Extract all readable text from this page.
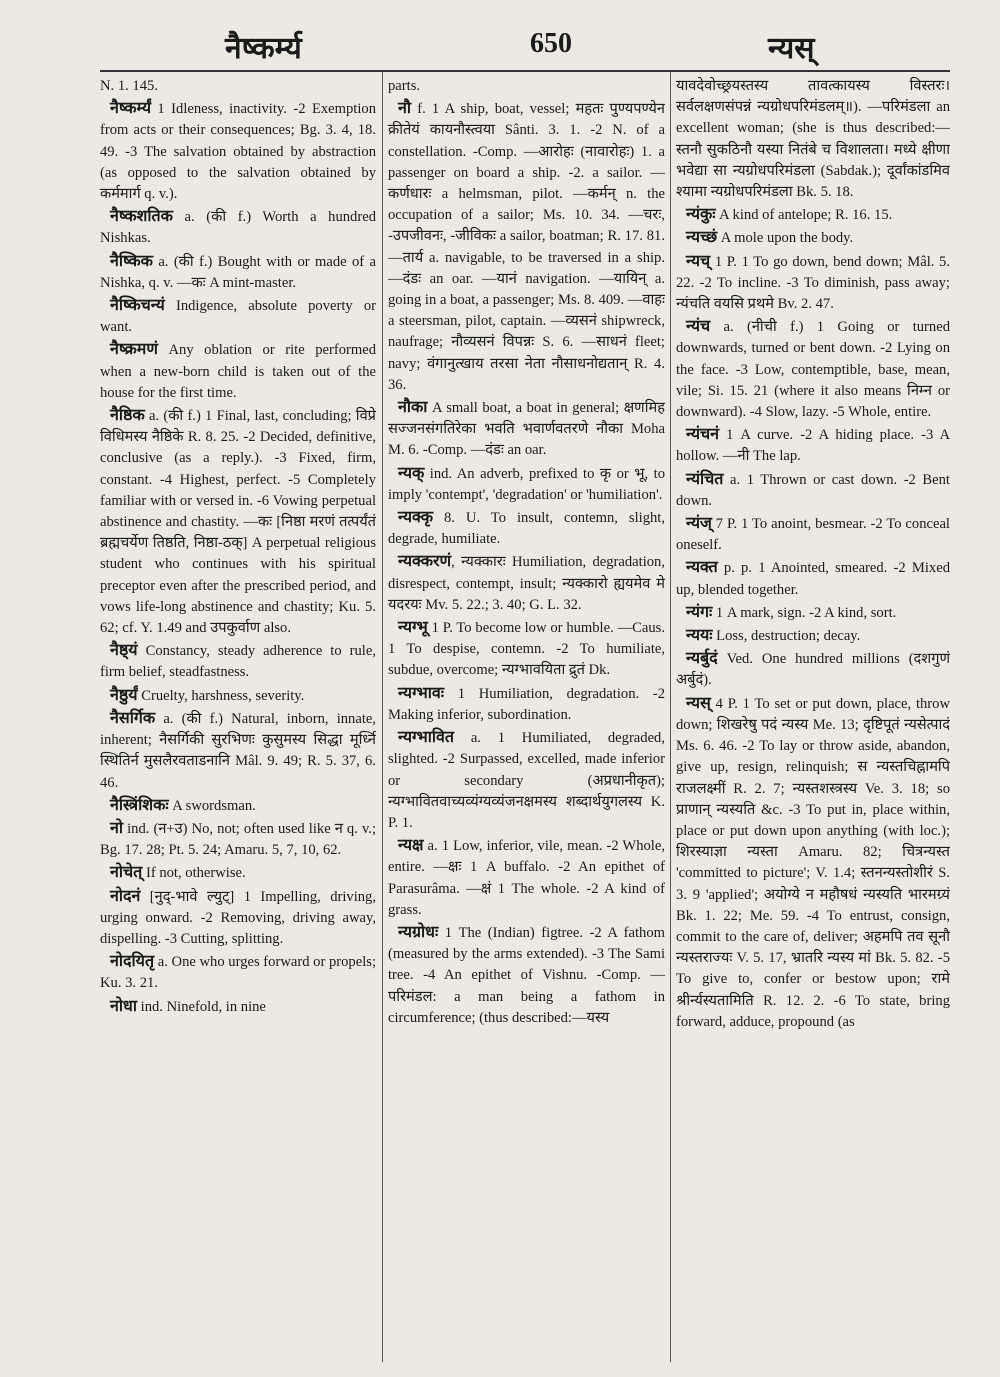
नैष्कर्म्य	650	न्यस्

N. 1. 145.

नैष्कर्म्यं 1 Idleness, inactivity. -2 Exemption from acts or their consequences; Bg. 3. 4, 18. 49. -3 The salvation obtained by abstraction (as opposed to the salvation obtained by कर्ममार्ग q. v.).

नैष्कशतिक a. (की f.) Worth a hundred Nishkas.

नैष्किक a. (की f.) Bought with or made of a Nishka, q. v. —कः A mint-master.

नैष्किचन्यं Indigence, absolute poverty or want.

नैष्क्रमणं Any oblation or rite performed when a new-born child is taken out of the house for the first time.

नैष्ठिक a. (की f.) 1 Final, last, concluding; विप्रे विधिमस्य नैष्ठिके R. 8. 25. -2 Decided, definitive, conclusive (as a reply.). -3 Fixed, firm, constant. -4 Highest, perfect. -5 Completely familiar with or versed in. -6 Vowing perpetual abstinence and chastity. —कः [निष्ठा मरणं तत्पर्यंतं ब्रह्मचर्येण तिष्ठति, निष्ठा-ठक्] A perpetual religious student who continues with his spiritual preceptor even after the prescribed period, and vows life-long abstinence and chastity; Ku. 5. 62; cf. Y. 1.49 and उपकुर्वाण also.

नैष्ठ्यं Constancy, steady adherence to rule, firm belief, steadfastness.

नैष्ठुर्यं Cruelty, harshness, severity.

नैसर्गिक a. (की f.) Natural, inborn, innate, inherent; नैसर्गिकी सुरभिणः कुसुमस्य सिद्धा मूर्ध्नि स्थितिर्न मुसलैरवताडनानि Mâl. 9. 49; R. 5. 37, 6. 46.

नैस्त्रिंशिकः A swordsman.

नो ind. (न+उ) No, not; often used like न q. v.; Bg. 17. 28; Pt. 5. 24; Amaru. 5, 7, 10, 62.

नोचेत् If not, otherwise.

नोदनं [नुद्-भावे ल्युट्] 1 Impelling, driving, urging onward. -2 Removing, driving away, dispelling. -3 Cutting, splitting.

नोदयितृ a. One who urges forward or propels; Ku. 3. 21.

नोधा ind. Ninefold, in nine

parts.

नौ f. 1 A ship, boat, vessel; महतः पुण्यपण्येन क्रीतेयं कायनौस्त्वया Sânti. 3. 1. -2 N. of a constellation. -Comp. —आरोहः (नावारोहः) 1. a passenger on board a ship. -2. a sailor. —कर्णधारः a helmsman, pilot. —कर्मन् n. the occupation of a sailor; Ms. 10. 34. —चरः, -उपजीवनः, -जीविकः a sailor, boatman; R. 17. 81. —तार्य a. navigable, to be traversed in a ship. —दंडः an oar. —यानं navigation. —यायिन् a. going in a boat, a passenger; Ms. 8. 409. —वाहः a steersman, pilot, captain. —व्यसनं shipwreck, naufrage; नौव्यसनं विपन्नः S. 6. —साधनं fleet; navy; वंगानुत्खाय तरसा नेता नौसाधनोद्यतान् R. 4. 36.

नौका A small boat, a boat in general; क्षणमिह सज्जनसंगतिरेका भवति भवार्णवतरणे नौका Moha M. 6. -Comp. —दंडः an oar.

न्यक् ind. An adverb, prefixed to कृ or भू, to imply 'contempt', 'degradation' or 'humiliation'.

न्यक्कृ 8. U. To insult, contemn, slight, degrade, humiliate.

न्यक्करणं, न्यक्कारः Humiliation, degradation, disrespect, contempt, insult; न्यक्कारो ह्ययमेव मे यदरयः Mv. 5. 22.; 3. 40; G. L. 32.

न्यग्भू 1 P. To become low or humble. —Caus. 1 To despise, contemn. -2 To humiliate, subdue, overcome; न्यग्भावयिता द्रुतं Dk.

न्यग्भावः 1 Humiliation, degradation. -2 Making inferior, subordination.

न्यग्भावित a. 1 Humiliated, degraded, slighted. -2 Surpassed, excelled, made inferior or secondary (अप्रधानीकृत); न्यग्भावितवाच्यव्यंग्यव्यंजनक्षमस्य शब्दार्थयुगलस्य K. P. 1.

न्यक्ष a. 1 Low, inferior, vile, mean. -2 Whole, entire. —क्षः 1 A buffalo. -2 An epithet of Parasurâma. —क्षं 1 The whole. -2 A kind of grass.

न्यग्रोधः 1 The (Indian) figtree. -2 A fathom (measured by the arms extended). -3 The Sami tree. -4 An epithet of Vishnu. -Comp. —परिमंडल: a man being a fathom in circumference; (thus described:—यस्य

यावदेवोच्छ्रयस्तस्य तावत्कायस्य विस्तरः। सर्वलक्षणसंपन्नं न्यग्रोधपरिमंडलम्॥). —परिमंडला an excellent woman; (she is thus described:—स्तनौ सुकठिनौ यस्या नितंबे च विशालता। मध्ये क्षीणा भवेद्या सा न्यग्रोधपरिमंडला (Sabdak.); दूर्वांकांडमिव श्यामा न्यग्रोधपरिमंडला Bk. 5. 18.

न्यंकुः A kind of antelope; R. 16. 15.

न्यच्छं A mole upon the body.

न्यच् 1 P. 1 To go down, bend down; Mâl. 5. 22. -2 To incline. -3 To diminish, pass away; न्यंचति वयसि प्रथमे Bv. 2. 47.

न्यंच a. (नीची f.) 1 Going or turned downwards, turned or bent down. -2 Lying on the face. -3 Low, contemptible, base, mean, vile; Si. 15. 21 (where it also means निम्न or downward). -4 Slow, lazy. -5 Whole, entire.

न्यंचनं 1 A curve. -2 A hiding place. -3 A hollow. —नी The lap.

न्यंचित a. 1 Thrown or cast down. -2 Bent down.

न्यंज् 7 P. 1 To anoint, besmear. -2 To conceal oneself.

न्यक्त p. p. 1 Anointed, smeared. -2 Mixed up, blended together.

न्यंगः 1 A mark, sign. -2 A kind, sort.

न्ययः Loss, destruction; decay.

न्यर्बुदं Ved. One hundred millions (दशगुणं अर्बुदं).

न्यस् 4 P. 1 To set or put down, place, throw down; शिखरेषु पदं न्यस्य Me. 13; दृष्टिपूतं न्यसेत्पादं Ms. 6. 46. -2 To lay or throw aside, abandon, give up, resign, relinquish; स न्यस्तचिह्नामपि राजलक्ष्मीं R. 2. 7; न्यस्तशस्त्रस्य Ve. 3. 18; so प्राणान् न्यस्यति &c. -3 To put in, place within, place or put down upon anything (with loc.); शिरस्याज्ञा न्यस्ता Amaru. 82; चित्रन्यस्त 'committed to picture'; V. 1.4; स्तनन्यस्तोशीरं S. 3. 9 'applied'; अयोग्ये न महौषधं न्यस्यति भारमग्र्यं Bk. 1. 22; Me. 59. -4 To entrust, consign, commit to the care of, deliver; अहमपि तव सूनौ न्यस्तराज्यः V. 5. 17, भ्रातरि न्यस्य मां Bk. 5. 82. -5 To give to, confer or bestow upon; रामे श्रीर्न्यस्यतामिति R. 12. 2. -6 To state, bring forward, adduce, propound (as
